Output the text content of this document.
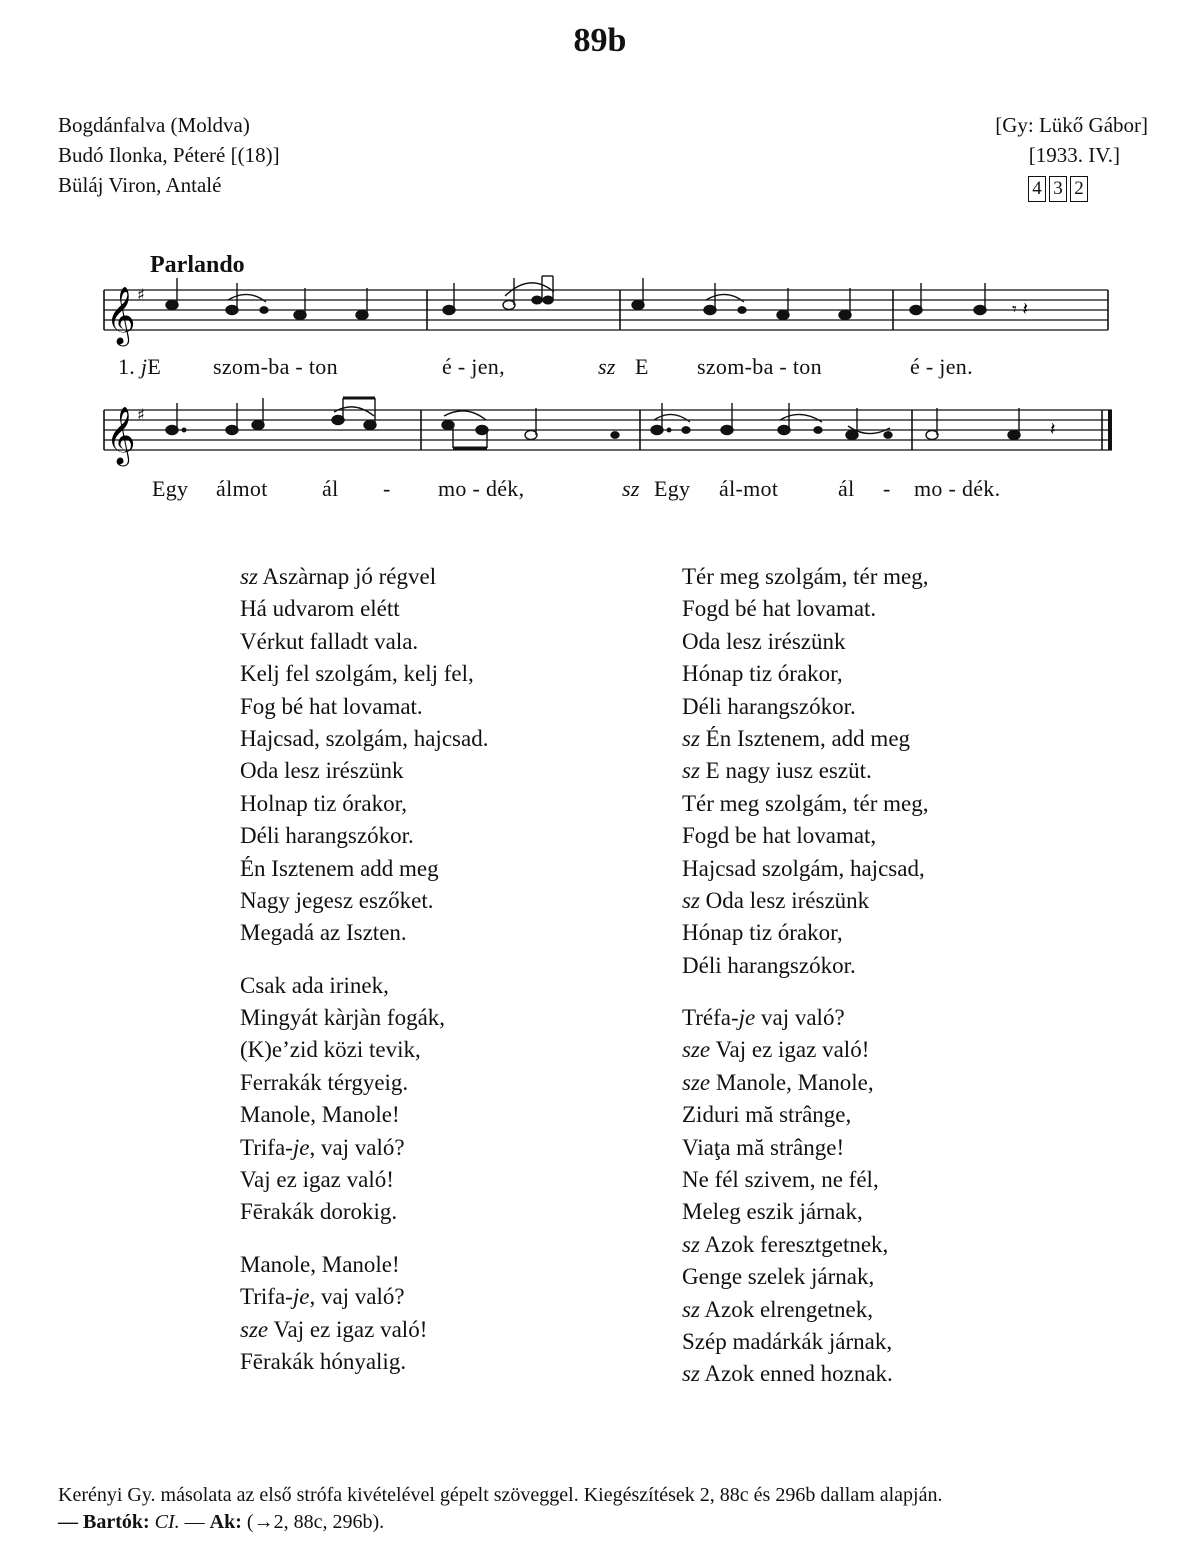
89b
Bogdánfalva (Moldva)
Budó Ilonka, Péteré [(18)]
Büláj Viron, Antalé
[Gy: Lükő Gábor]
[1933. IV.]
4 3 2
Parlando
𝄞 ♯
𝄾 𝄽
1. jE szom-ba - ton	é - jen,	sz E szom-ba - ton	é - jen.
𝄞 ♯
𝄽
Egy álmot ál - mo - dék,	sz Egy ál-mot	ál - mo - dék.
sz Aszàrnap jó régvel
Há udvarom elétt
Vérkut falladt vala.
Kelj fel szolgám, kelj fel,
Fog bé hat lovamat.
Hajcsad, szolgám, hajcsad.
Oda lesz irészünk
Holnap tiz órakor,
Déli harangszókor.
Én Isztenem add meg
Nagy jegesz eszőket.
Megadá az Iszten.
Csak ada irinek,
Mingyát kàrjàn fogák,
(K)e’zid közi tevik,
Ferrakák térgyeig.
Manole, Manole!
Trifa-je, vaj való?
Vaj ez igaz való!
Fērakák dorokig.
Manole, Manole!
Trifa-je, vaj való?
sze Vaj ez igaz való!
Fērakák hónyalig.
Tér meg szolgám, tér meg,
Fogd bé hat lovamat.
Oda lesz irészünk
Hónap tiz órakor,
Déli harangszókor.
sz Én Isztenem, add meg
sz E nagy iusz eszüt.
Tér meg szolgám, tér meg,
Fogd be hat lovamat,
Hajcsad szolgám, hajcsad,
sz Oda lesz irészünk
Hónap tiz órakor,
Déli harangszókor.
Tréfa-je vaj való?
sze Vaj ez igaz való!
sze Manole, Manole,
Ziduri mă strânge,
Viaţa mă strânge!
Ne fél szivem, ne fél,
Meleg eszik járnak,
sz Azok feresztgetnek,
Genge szelek járnak,
sz Azok elrengetnek,
Szép madárkák járnak,
sz Azok enned hoznak.
Kerényi Gy. másolata az első strófa kivételével gépelt szöveggel. Kiegészítések 2, 88c és 296b dallam alapján.
— Bartók: CI. — Ak: (→2, 88c, 296b).
